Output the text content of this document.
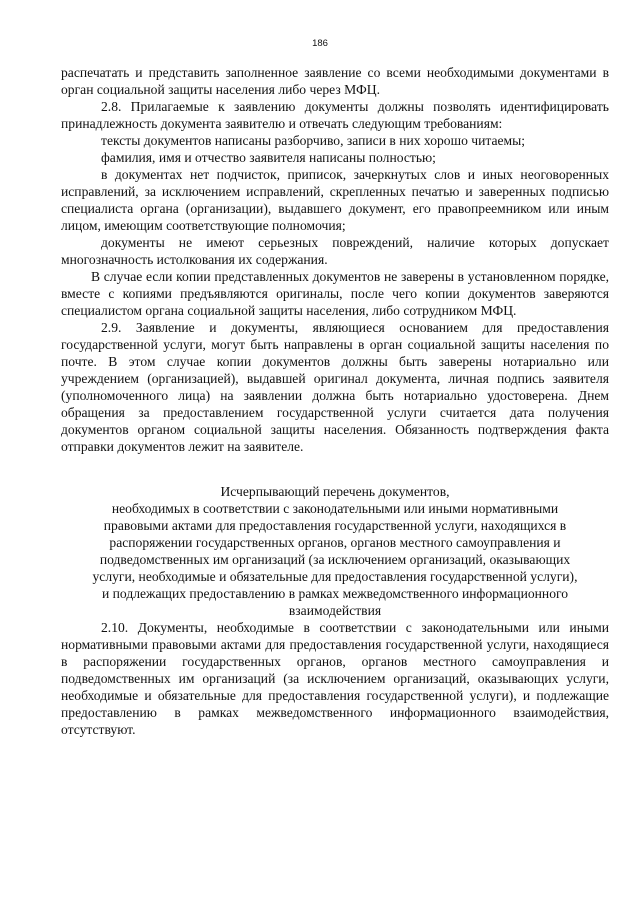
186

распечатать и представить заполненное заявление со всеми необходимыми документами в орган социальной защиты населения либо через МФЦ.

2.8. Прилагаемые к заявлению документы должны позволять идентифицировать принадлежность документа заявителю и отвечать следующим требованиям:

тексты документов написаны разборчиво, записи в них хорошо читаемы;

фамилия, имя и отчество заявителя написаны полностью;

в документах нет подчисток, приписок, зачеркнутых слов и иных неоговоренных исправлений, за исключением исправлений, скрепленных печатью и заверенных подписью специалиста органа (организации), выдавшего документ, его правопреемником или иным лицом, имеющим соответствующие полномочия;

документы не имеют серьезных повреждений, наличие которых допускает многозначность истолкования их содержания.

В случае если копии представленных документов не заверены в установленном порядке, вместе с копиями предъявляются оригиналы, после чего копии документов заверяются специалистом органа социальной защиты населения, либо сотрудником МФЦ.

2.9. Заявление и документы, являющиеся основанием для предоставления государственной услуги, могут быть направлены в орган социальной защиты населения по почте. В этом случае копии документов должны быть заверены нотариально или учреждением (организацией), выдавшей оригинал документа, личная подпись заявителя (уполномоченного лица) на заявлении должна быть нотариально удостоверена. Днем обращения за предоставлением государственной услуги считается дата получения документов органом социальной защиты населения. Обязанность подтверждения факта отправки документов лежит на заявителе.

Исчерпывающий перечень документов,
необходимых в соответствии с законодательными или иными нормативными
правовыми актами для предоставления государственной услуги, находящихся в
распоряжении государственных органов, органов местного самоуправления и
подведомственных им организаций (за исключением организаций, оказывающих
услуги, необходимые и обязательные для предоставления государственной услуги),
и подлежащих предоставлению в рамках межведомственного информационного
взаимодействия

2.10. Документы, необходимые в соответствии с законодательными или иными нормативными правовыми актами для предоставления государственной услуги, находящиеся в распоряжении государственных органов, органов местного самоуправления и подведомственных им организаций (за исключением организаций, оказывающих услуги, необходимые и обязательные для предоставления государственной услуги), и подлежащие предоставлению в рамках межведомственного информационного взаимодействия, отсутствуют.
